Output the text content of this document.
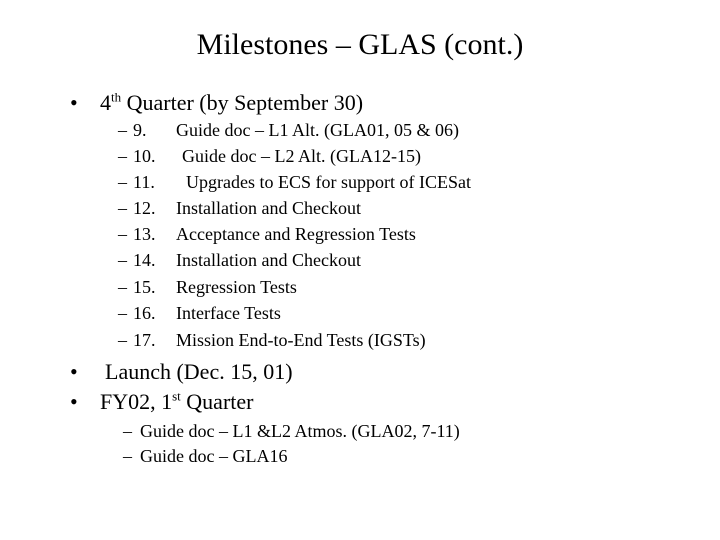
Milestones – GLAS (cont.)
• 4th Quarter (by September 30)
– 9. Guide doc – L1 Alt. (GLA01, 05 & 06)
– 10. Guide doc – L2 Alt. (GLA12-15)
– 11. Upgrades to ECS for support of ICESat
– 12. Installation and Checkout
– 13. Acceptance and Regression Tests
– 14. Installation and Checkout
– 15. Regression Tests
– 16. Interface Tests
– 17. Mission End-to-End Tests (IGSTs)
• Launch (Dec. 15, 01)
• FY02, 1st Quarter
– Guide doc – L1 &L2 Atmos. (GLA02, 7-11)
– Guide doc – GLA16
